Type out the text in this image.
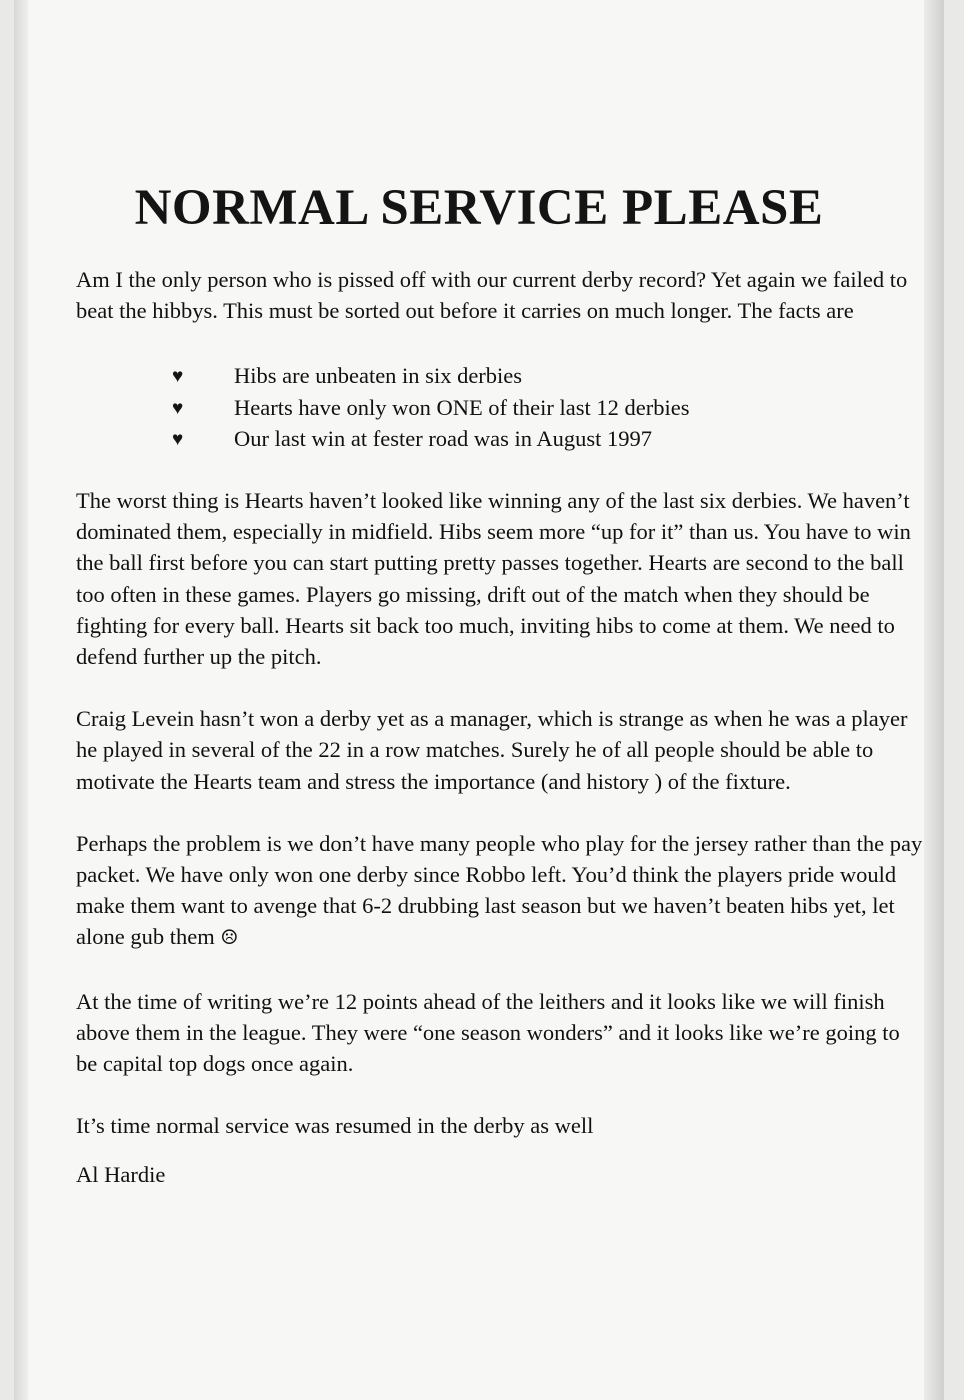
NORMAL SERVICE PLEASE

Am I the only person who is pissed off with our current derby record? Yet again we failed to beat the hibbys. This must be sorted out before it carries on much longer. The facts are

♥ Hibs are unbeaten in six derbies
♥ Hearts have only won ONE of their last 12 derbies
♥ Our last win at fester road was in August 1997

The worst thing is Hearts haven’t looked like winning any of the last six derbies. We haven’t dominated them, especially in midfield. Hibs seem more “up for it” than us. You have to win the ball first before you can start putting pretty passes together. Hearts are second to the ball too often in these games. Players go missing, drift out of the match when they should be fighting for every ball. Hearts sit back too much, inviting hibs to come at them. We need to defend further up the pitch.

Craig Levein hasn’t won a derby yet as a manager, which is strange as when he was a player he played in several of the 22 in a row matches. Surely he of all people should be able to motivate the Hearts team and stress the importance (and history ) of the fixture.

Perhaps the problem is we don’t have many people who play for the jersey rather than the pay packet. We have only won one derby since Robbo left. You’d think the players pride would make them want to avenge that 6-2 drubbing last season but we haven’t beaten hibs yet, let alone gub them ☹

At the time of writing we’re 12 points ahead of the leithers and it looks like we will finish above them in the league. They were “one season wonders” and it looks like we’re going to be capital top dogs once again.

It’s time normal service was resumed in the derby as well

Al Hardie
